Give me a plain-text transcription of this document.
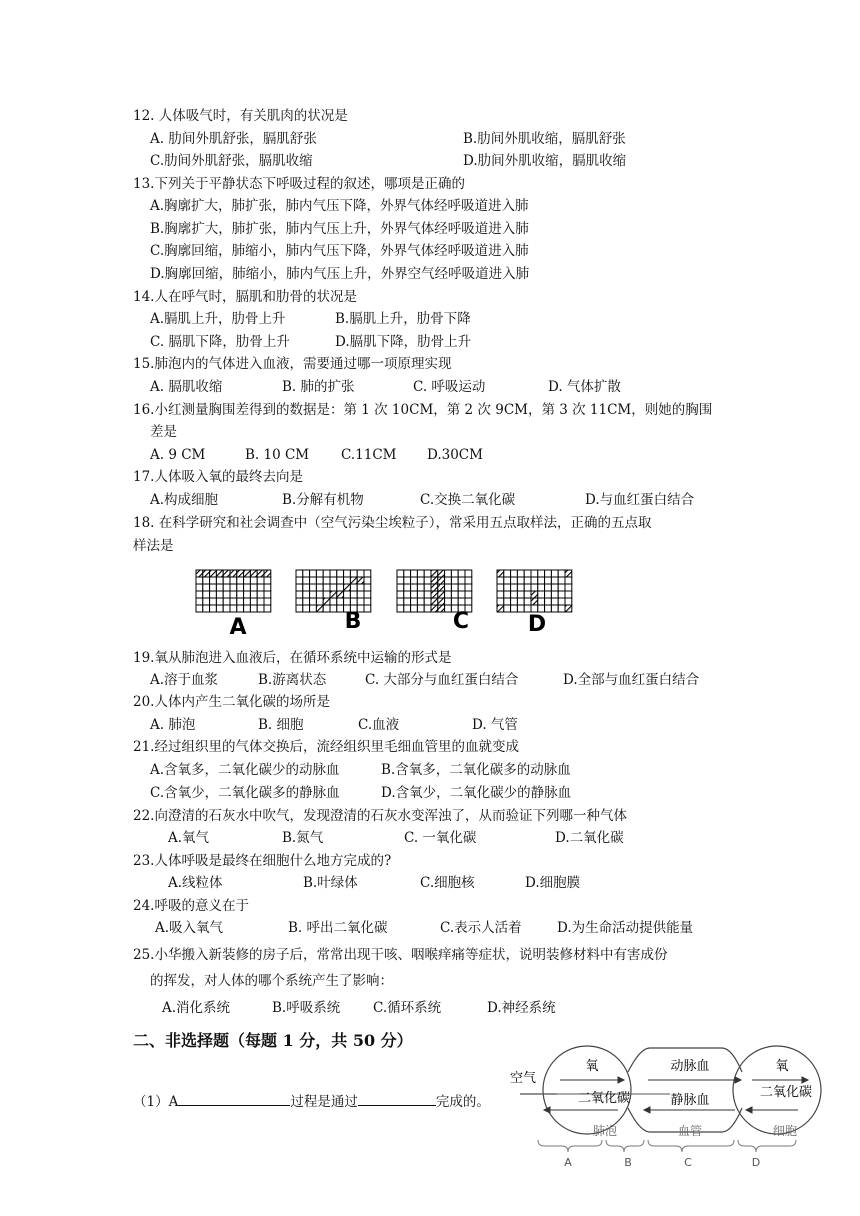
12. 人体吸气时，有关肌肉的状况是
A. 肋间外肌舒张，膈肌舒张	B.肋间外肌收缩，膈肌舒张
C.肋间外肌舒张，膈肌收缩	D.肋间外肌收缩，膈肌收缩
13.下列关于平静状态下呼吸过程的叙述，哪项是正确的
A.胸廓扩大，肺扩张，肺内气压下降，外界气体经呼吸道进入肺
B.胸廓扩大，肺扩张，肺内气压上升，外界气体经呼吸道进入肺
C.胸廓回缩，肺缩小，肺内气压下降，外界气体经呼吸道进入肺
D.胸廓回缩，肺缩小，肺内气压上升，外界空气经呼吸道进入肺
14.人在呼气时，膈肌和肋骨的状况是
A.膈肌上升，肋骨上升	B.膈肌上升，肋骨下降
C. 膈肌下降，肋骨上升	D.膈肌下降，肋骨上升
15.肺泡内的气体进入血液，需要通过哪一项原理实现
A. 膈肌收缩	B. 肺的扩张	C. 呼吸运动	D. 气体扩散
16.小红测量胸围差得到的数据是：第 1 次 10CM，第 2 次 9CM，第 3 次 11CM，则她的胸围
差是
A. 9 CM	B. 10 CM C.11CM D.30CM
17.人体吸入氧的最终去向是
A.构成细胞	B.分解有机物	C.交换二氧化碳	D.与血红蛋白结合
18. 在科学研究和社会调查中（空气污染尘埃粒子），常采用五点取样法，正确的五点取
样法是
A	B	C	D
19.氧从肺泡进入血液后，在循环系统中运输的形式是
A.溶于血浆	B.游离状态	C. 大部分与血红蛋白结合	D.全部与血红蛋白结合
20.人体内产生二氧化碳的场所是
A. 肺泡	B. 细胞	C.血液	D. 气管
21.经过组织里的气体交换后，流经组织里毛细血管里的血就变成
A.含氧多，二氧化碳少的动脉血	B.含氧多，二氧化碳多的动脉血
C.含氧少，二氧化碳多的静脉血	D.含氧少，二氧化碳少的静脉血
22.向澄清的石灰水中吹气，发现澄清的石灰水变浑浊了，从而验证下列哪一种气体
A.氧气	B.氮气	C. 一氧化碳	D.二氧化碳
23.人体呼吸是最终在细胞什么地方完成的?
A.线粒体	B.叶绿体	C.细胞核	D.细胞膜
24.呼吸的意义在于
A.吸入氧气	B. 呼出二氧化碳	C.表示人活着	D.为生命活动提供能量
25.小华搬入新装修的房子后，常常出现干咳、咽喉痒痛等症状，说明装修材料中有害成份
的挥发，对人体的哪个系统产生了影响：
A.消化系统	B.呼吸系统 C.循环系统	D.神经系统
二、非选择题（每题 1 分，共 50 分）
（1）A	过程是通过	完成的。
空气
氧
二氧化碳
动脉血
静脉血
氧
二氧化碳
肺泡	血管	细胞
A	B	C	D
